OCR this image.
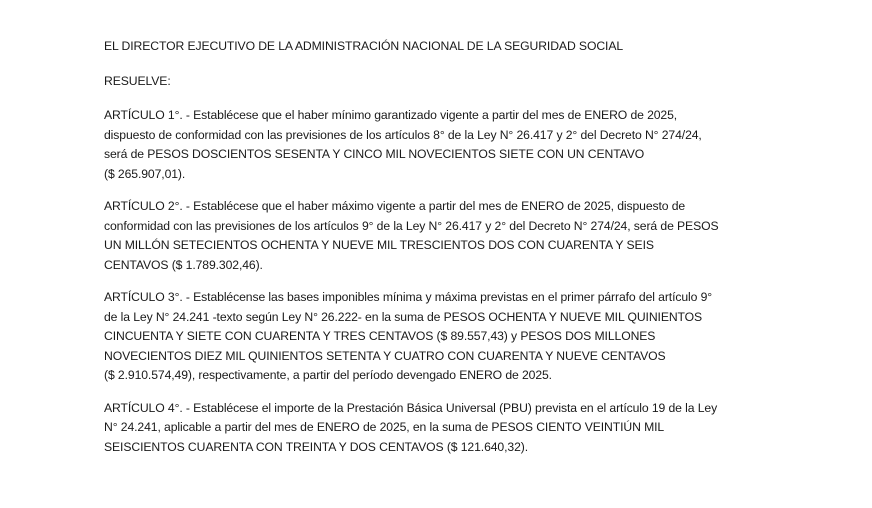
EL DIRECTOR EJECUTIVO DE LA ADMINISTRACIÓN NACIONAL DE LA SEGURIDAD SOCIAL

RESUELVE:

ARTÍCULO 1°. - Establécese que el haber mínimo garantizado vigente a partir del mes de ENERO de 2025,
dispuesto de conformidad con las previsiones de los artículos 8° de la Ley N° 26.417 y 2° del Decreto N° 274/24,
será de PESOS DOSCIENTOS SESENTA Y CINCO MIL NOVECIENTOS SIETE CON UN CENTAVO
($ 265.907,01).
ARTÍCULO 2°. - Establécese que el haber máximo vigente a partir del mes de ENERO de 2025, dispuesto de
conformidad con las previsiones de los artículos 9° de la Ley N° 26.417 y 2° del Decreto N° 274/24, será de PESOS
UN MILLÓN SETECIENTOS OCHENTA Y NUEVE MIL TRESCIENTOS DOS CON CUARENTA Y SEIS
CENTAVOS ($ 1.789.302,46).
ARTÍCULO 3°. - Establécense las bases imponibles mínima y máxima previstas en el primer párrafo del artículo 9°
de la Ley N° 24.241 -texto según Ley N° 26.222- en la suma de PESOS OCHENTA Y NUEVE MIL QUINIENTOS
CINCUENTA Y SIETE CON CUARENTA Y TRES CENTAVOS ($ 89.557,43) y PESOS DOS MILLONES
NOVECIENTOS DIEZ MIL QUINIENTOS SETENTA Y CUATRO CON CUARENTA Y NUEVE CENTAVOS
($ 2.910.574,49), respectivamente, a partir del período devengado ENERO de 2025.
ARTÍCULO 4°. - Establécese el importe de la Prestación Básica Universal (PBU) prevista en el artículo 19 de la Ley
N° 24.241, aplicable a partir del mes de ENERO de 2025, en la suma de PESOS CIENTO VEINTIÚN MIL
SEISCIENTOS CUARENTA CON TREINTA Y DOS CENTAVOS ($ 121.640,32).
